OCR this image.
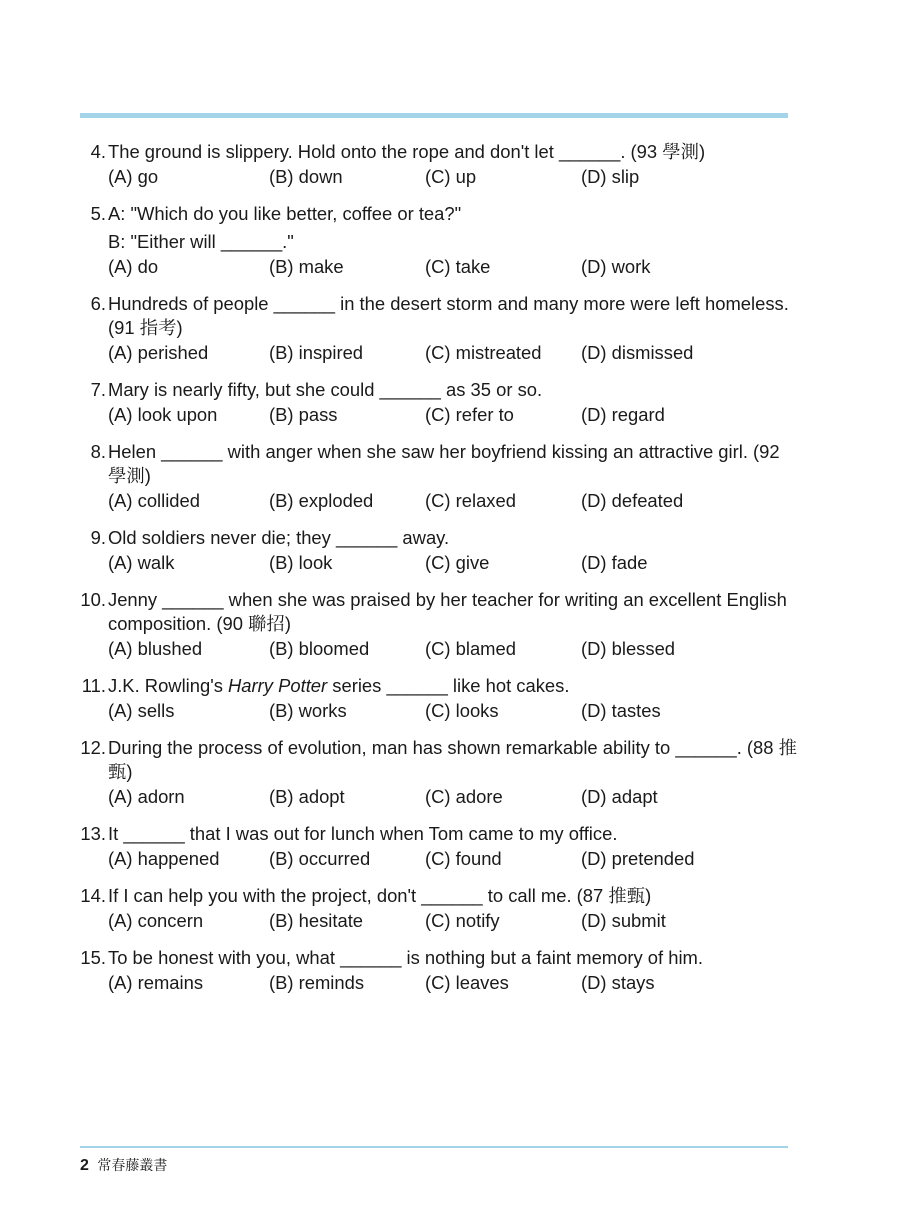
4. The ground is slippery. Hold onto the rope and don't let ______. (93 學測)
(A) go	(B) down	(C) up	(D) slip
5. A: "Which do you like better, coffee or tea?"
B: "Either will ______."
(A) do	(B) make	(C) take	(D) work
6. Hundreds of people ______ in the desert storm and many more were left homeless.
(91 指考)
(A) perished	(B) inspired	(C) mistreated	(D) dismissed
7. Mary is nearly fifty, but she could ______ as 35 or so.
(A) look upon	(B) pass	(C) refer to	(D) regard
8. Helen ______ with anger when she saw her boyfriend kissing an attractive girl. (92
學測)
(A) collided	(B) exploded	(C) relaxed	(D) defeated
9. Old soldiers never die; they ______ away.
(A) walk	(B) look	(C) give	(D) fade
10. Jenny ______ when she was praised by her teacher for writing an excellent English
composition. (90 聯招)
(A) blushed	(B) bloomed	(C) blamed	(D) blessed
11. J.K. Rowling's Harry Potter series ______ like hot cakes.
(A) sells	(B) works	(C) looks	(D) tastes
12. During the process of evolution, man has shown remarkable ability to ______. (88 推
甄)
(A) adorn	(B) adopt	(C) adore	(D) adapt
13. It ______ that I was out for lunch when Tom came to my office.
(A) happened	(B) occurred	(C) found	(D) pretended
14. If I can help you with the project, don't ______ to call me. (87 推甄)
(A) concern	(B) hesitate	(C) notify	(D) submit
15. To be honest with you, what ______ is nothing but a faint memory of him.
(A) remains	(B) reminds	(C) leaves	(D) stays
2 常春藤叢書
